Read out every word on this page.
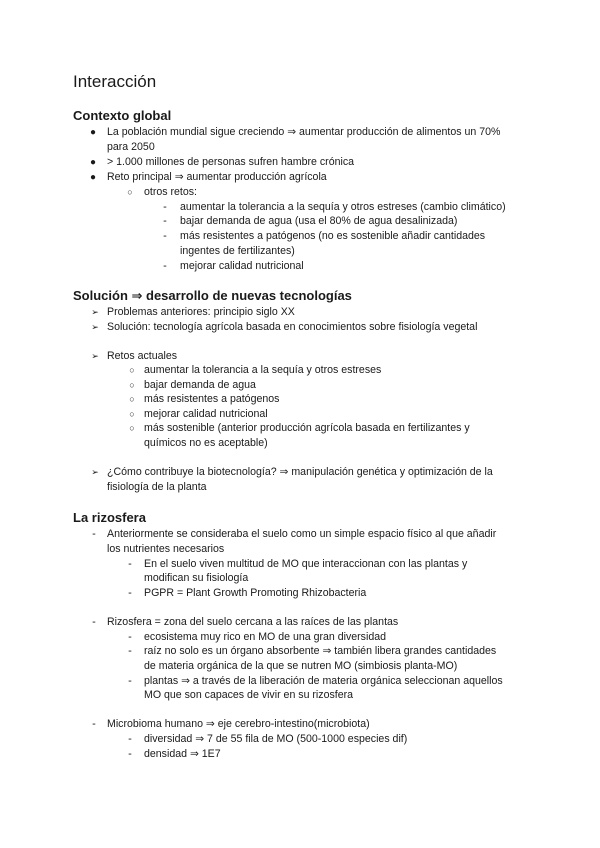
Interacción
Contexto global
● La población mundial sigue creciendo ⇒ aumentar producción de alimentos un 70%
para 2050
● > 1.000 millones de personas sufren hambre crónica
● Reto principal ⇒ aumentar producción agrícola
○	otros retos:
-	aumentar la tolerancia a la sequía y otros estreses (cambio climático)
-	bajar demanda de agua (usa el 80% de agua desalinizada)
-	más resistentes a patógenos (no es sostenible añadir cantidades
ingentes de fertilizantes)
-	mejorar calidad nutricional
Solución ⇒ desarrollo de nuevas tecnologías
➢ Problemas anteriores: principio siglo XX
➢ Solución: tecnología agrícola basada en conocimientos sobre fisiología vegetal
➢ Retos actuales
○ aumentar la tolerancia a la sequía y otros estreses
○ bajar demanda de agua
○ más resistentes a patógenos
○ mejorar calidad nutricional
○ más sostenible (anterior producción agrícola basada en fertilizantes y
químicos no es aceptable)
➢ ¿Cómo contribuye la biotecnología? ⇒ manipulación genética y optimización de la
fisiología de la planta
La rizosfera
-	Anteriormente se consideraba el suelo como un simple espacio físico al que añadir
los nutrientes necesarios
-	En el suelo viven multitud de MO que interaccionan con las plantas y
modifican su fisiología
-	PGPR = Plant Growth Promoting Rhizobacteria
-	Rizosfera = zona del suelo cercana a las raíces de las plantas
-	ecosistema muy rico en MO de una gran diversidad
-	raíz no solo es un órgano absorbente ⇒ también libera grandes cantidades
de materia orgánica de la que se nutren MO (simbiosis planta-MO)
-	plantas ⇒ a través de la liberación de materia orgánica seleccionan aquellos
MO que son capaces de vivir en su rizosfera
-	Microbioma humano ⇒ eje cerebro-intestino(microbiota)
-	diversidad ⇒ 7 de 55 fila de MO (500-1000 especies dif)
-	densidad ⇒ 1E7
